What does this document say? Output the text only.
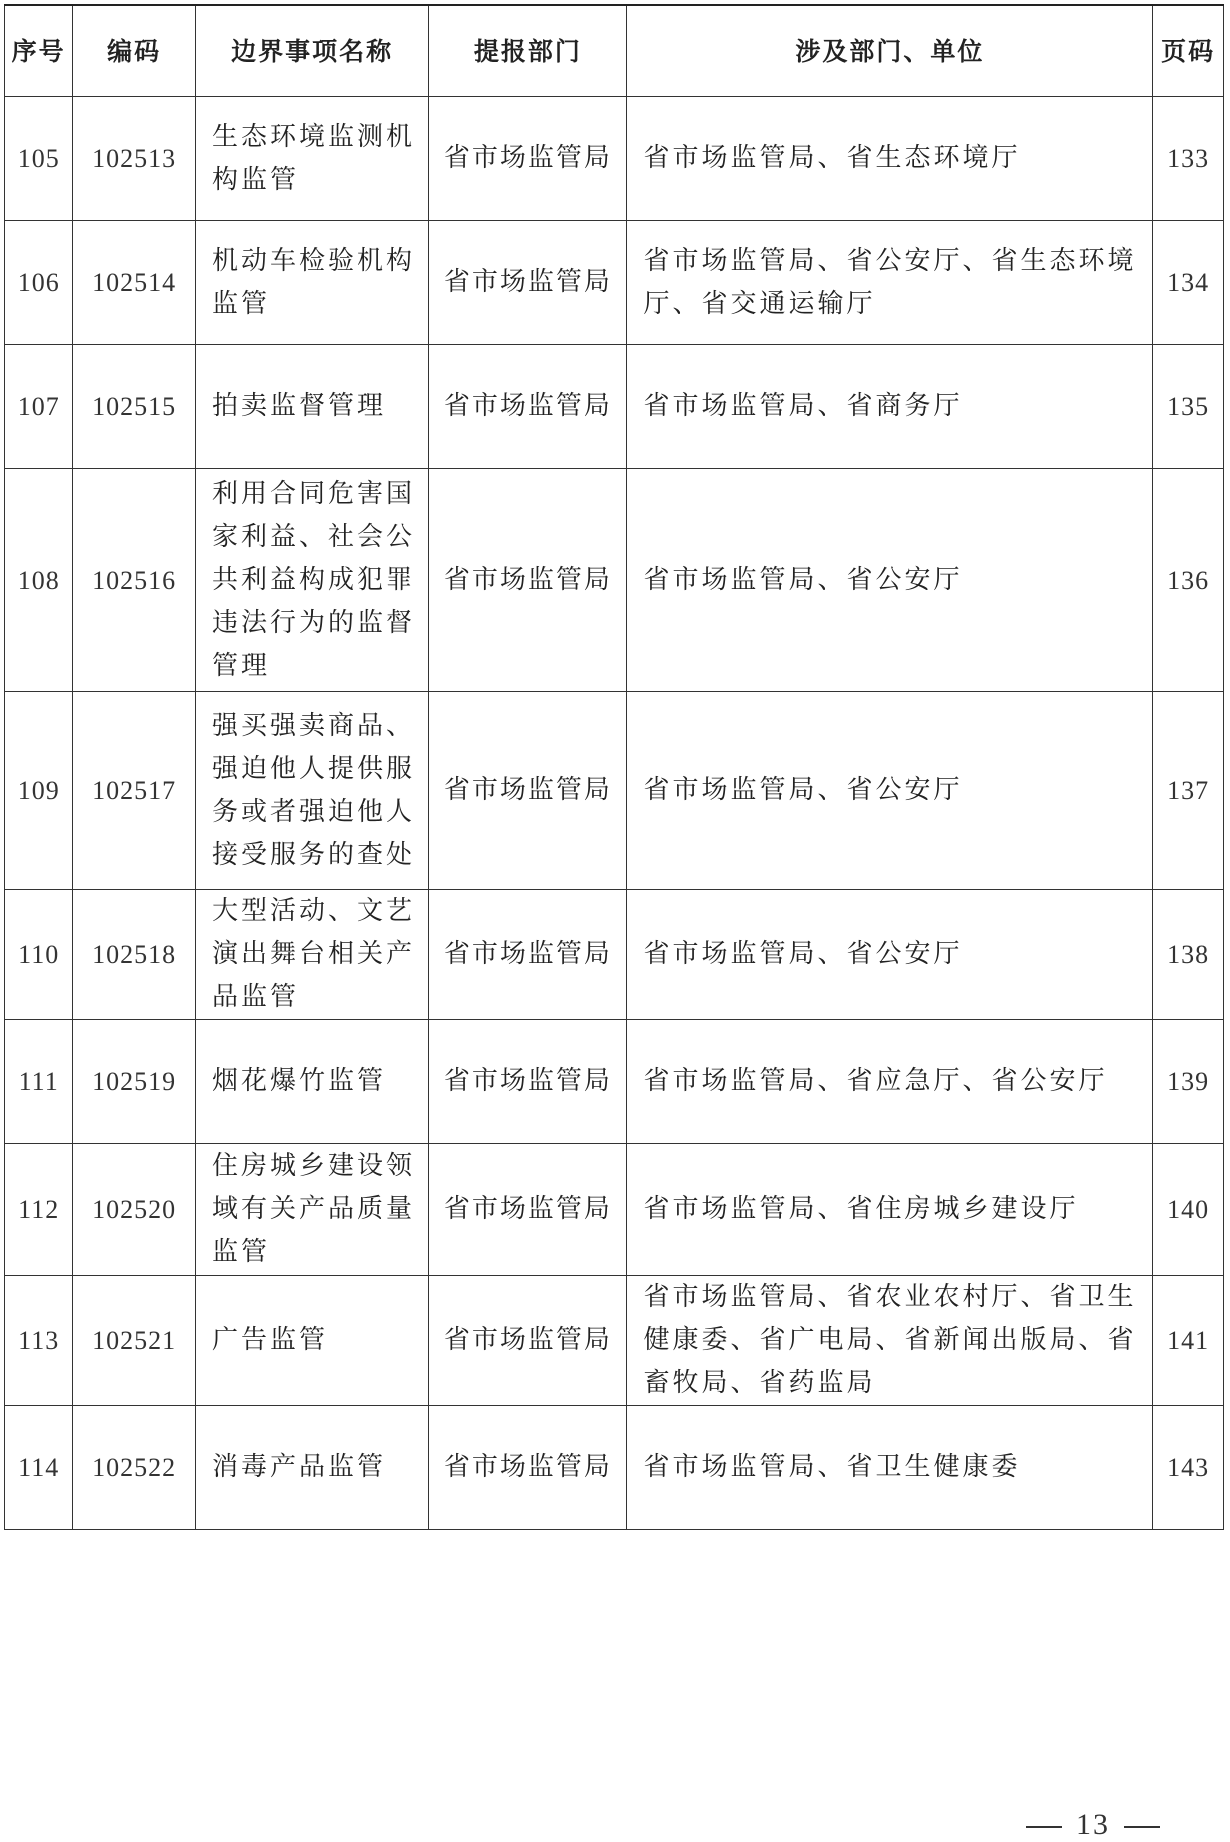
序号	编码	边界事项名称	提报部门	涉及部门、单位	页码
105	102513	生态环境监测机构监管	省市场监管局	省市场监管局、省生态环境厅	133
106	102514	机动车检验机构监管	省市场监管局	省市场监管局、省公安厅、省生态环境厅、省交通运输厅	134
107	102515	拍卖监督管理	省市场监管局	省市场监管局、省商务厅	135
108	102516	利用合同危害国家利益、社会公共利益构成犯罪违法行为的监督管理	省市场监管局	省市场监管局、省公安厅	136
109	102517	强买强卖商品、强迫他人提供服务或者强迫他人接受服务的查处	省市场监管局	省市场监管局、省公安厅	137
110	102518	大型活动、文艺演出舞台相关产品监管	省市场监管局	省市场监管局、省公安厅	138
111	102519	烟花爆竹监管	省市场监管局	省市场监管局、省应急厅、省公安厅	139
112	102520	住房城乡建设领域有关产品质量监管	省市场监管局	省市场监管局、省住房城乡建设厅	140
113	102521	广告监管	省市场监管局	省市场监管局、省农业农村厅、省卫生健康委、省广电局、省新闻出版局、省畜牧局、省药监局	141
114	102522	消毒产品监管	省市场监管局	省市场监管局、省卫生健康委	143
13
